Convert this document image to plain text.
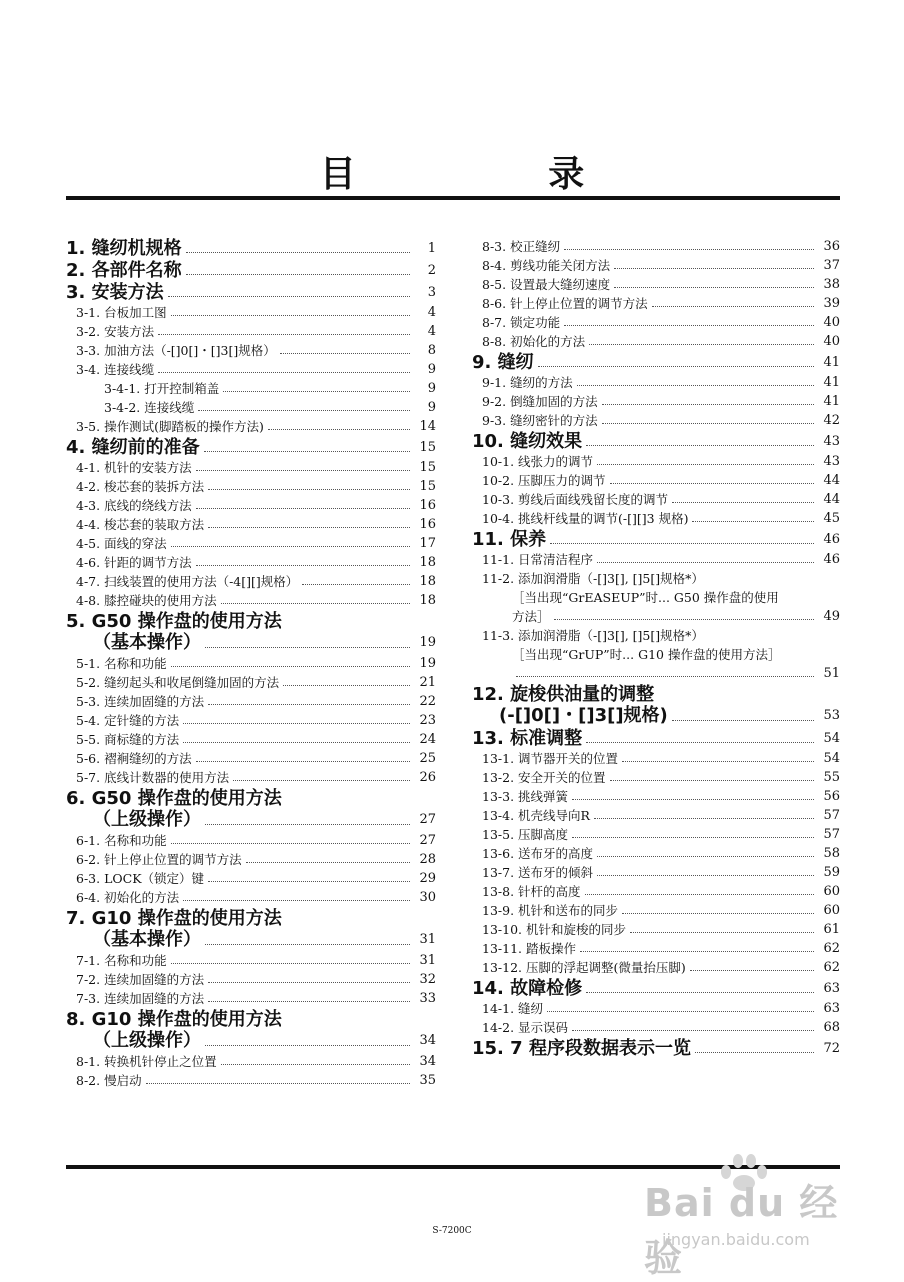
目 录
1. 缝纫机规格	1
2. 各部件名称	2
3. 安装方法	3
3-1. 台板加工图	4
3-2. 安装方法	4
3-3. 加油方法（-[]0[]・[]3[]规格）	8
3-4. 连接线缆	9
3-4-1. 打开控制箱盖	9
3-4-2. 连接线缆	9
3-5. 操作测试(脚踏板的操作方法)	14
4. 缝纫前的准备	15
4-1. 机针的安装方法	15
4-2. 梭芯套的装拆方法	15
4-3. 底线的绕线方法	16
4-4. 梭芯套的装取方法	16
4-5. 面线的穿法	17
4-6. 针距的调节方法	18
4-7. 扫线装置的使用方法（-4[][]规格）	18
4-8. 膝控碰块的使用方法	18
5. G50 操作盘的使用方法
（基本操作）	19
5-1. 名称和功能	19
5-2. 缝纫起头和收尾倒缝加固的方法	21
5-3. 连续加固缝的方法	22
5-4. 定针缝的方法	23
5-5. 商标缝的方法	24
5-6. 褶裥缝纫的方法	25
5-7. 底线计数器的使用方法	26
6. G50 操作盘的使用方法
（上级操作）	27
6-1. 名称和功能	27
6-2. 针上停止位置的调节方法	28
6-3. LOCK（锁定）键	29
6-4. 初始化的方法	30
7. G10 操作盘的使用方法
（基本操作）	31
7-1. 名称和功能	31
7-2. 连续加固缝的方法	32
7-3. 连续加固缝的方法	33
8. G10 操作盘的使用方法
（上级操作）	34
8-1. 转换机针停止之位置	34
8-2. 慢启动	35
8-3. 校正缝纫	36
8-4. 剪线功能关闭方法	37
8-5. 设置最大缝纫速度	38
8-6. 针上停止位置的调节方法	39
8-7. 锁定功能	40
8-8. 初始化的方法	40
9. 缝纫	41
9-1. 缝纫的方法	41
9-2. 倒缝加固的方法	41
9-3. 缝纫密针的方法	42
10. 缝纫效果	43
10-1. 线张力的调节	43
10-2. 压脚压力的调节	44
10-3. 剪线后面线残留长度的调节	44
10-4. 挑线杆线量的调节(-[][]3 规格)	45
11. 保养	46
11-1. 日常清洁程序	46
11-2. 添加润滑脂（-[]3[], []5[]规格*）
［当出现“GrEASEUP”时... G50 操作盘的使用
方法］	49
11-3. 添加润滑脂（-[]3[], []5[]规格*）
［当出现“GrUP”时... G10 操作盘的使用方法］
51
12. 旋梭供油量的调整
(-[]0[]・[]3[]规格)	53
13. 标准调整	54
13-1. 调节器开关的位置	54
13-2. 安全开关的位置	55
13-3. 挑线弹簧	56
13-4. 机壳线导向R	57
13-5. 压脚高度	57
13-6. 送布牙的高度	58
13-7. 送布牙的倾斜	59
13-8. 针杆的高度	60
13-9. 机针和送布的同步	60
13-10. 机针和旋梭的同步	61
13-11. 踏板操作	62
13-12. 压脚的浮起调整(微量抬压脚)	62
14. 故障检修	63
14-1. 缝纫	63
14-2. 显示误码	68
15. 7 程序段数据表示一览	72
S-7200C
Bai du 经验
jingyan.baidu.com
